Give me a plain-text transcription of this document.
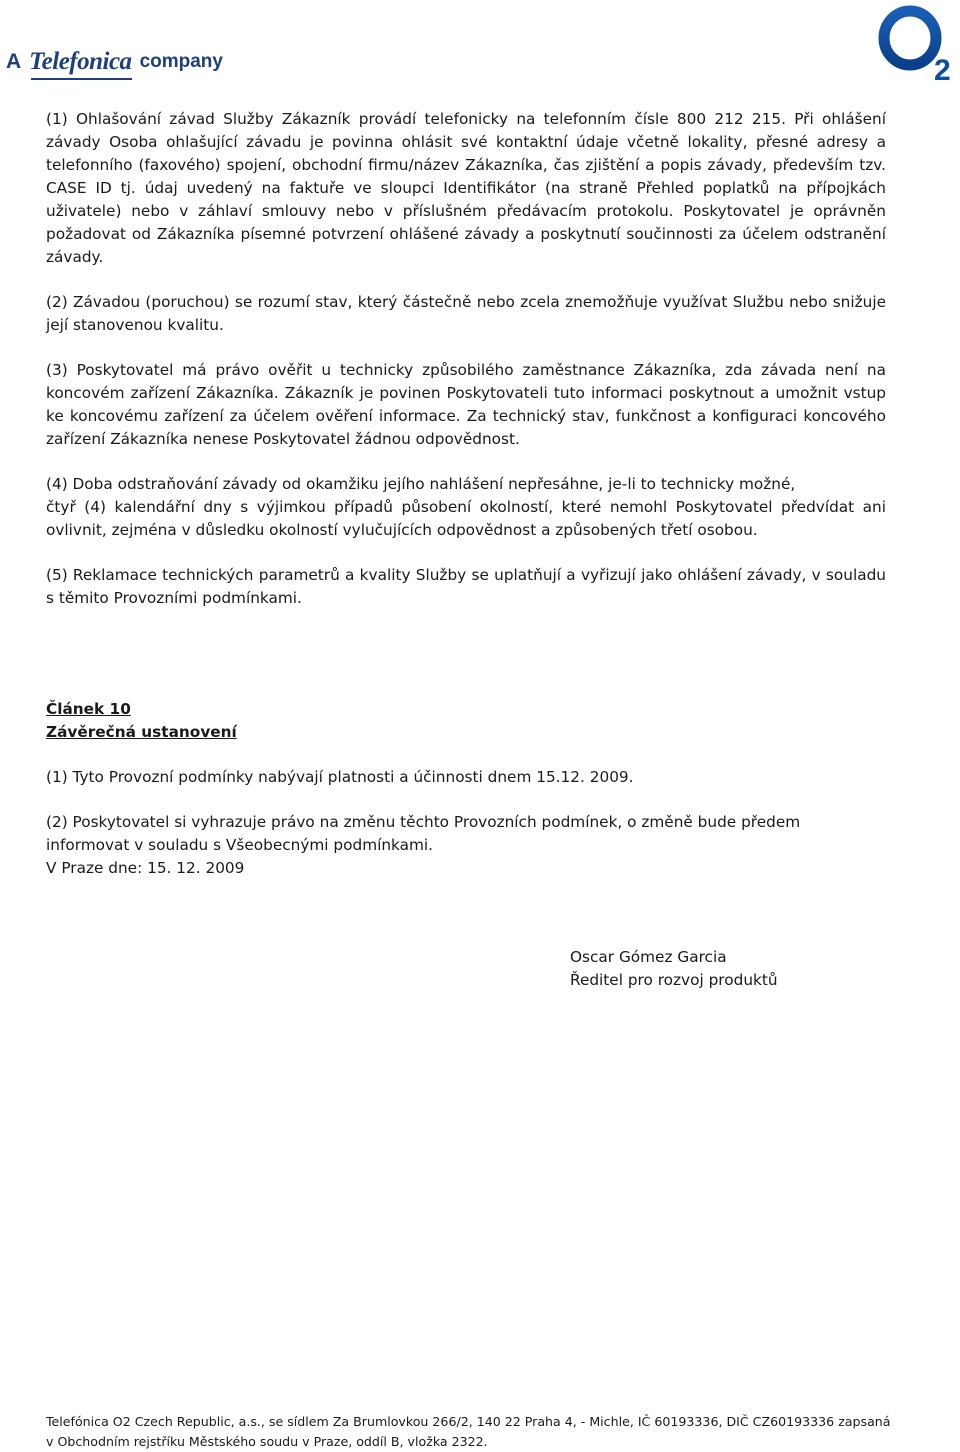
A Telefonica company	2

(1) Ohlašování závad Služby Zákazník provádí telefonicky na telefonním čísle 800 212 215. Při ohlášení závady Osoba ohlašující závadu je povinna ohlásit své kontaktní údaje včetně lokality, přesné adresy a telefonního (faxového) spojení, obchodní firmu/název Zákazníka, čas zjištění a popis závady, především tzv. CASE ID tj. údaj uvedený na faktuře ve sloupci Identifikátor (na straně Přehled poplatků na přípojkách uživatele) nebo v záhlaví smlouvy nebo v příslušném předávacím protokolu. Poskytovatel je oprávněn požadovat od Zákazníka písemné potvrzení ohlášené závady a poskytnutí součinnosti za účelem odstranění závady.

(2) Závadou (poruchou) se rozumí stav, který částečně nebo zcela znemožňuje využívat Službu nebo snižuje její stanovenou kvalitu.

(3) Poskytovatel má právo ověřit u technicky způsobilého zaměstnance Zákazníka, zda závada není na koncovém zařízení Zákazníka. Zákazník je povinen Poskytovateli tuto informaci poskytnout a umožnit vstup ke koncovému zařízení za účelem ověření informace. Za technický stav, funkčnost a konfiguraci koncového zařízení Zákazníka nenese Poskytovatel žádnou odpovědnost.

(4) Doba odstraňování závady od okamžiku jejího nahlášení nepřesáhne, je-li to technicky možné,

čtyř (4) kalendářní dny s výjimkou případů působení okolností, které nemohl Poskytovatel předvídat ani ovlivnit, zejména v důsledku okolností vylučujících odpovědnost a způsobených třetí osobou.

(5) Reklamace technických parametrů a kvality Služby se uplatňují a vyřizují jako ohlášení závady, v souladu s těmito Provozními podmínkami.

Článek 10
Závěrečná ustanovení

(1) Tyto Provozní podmínky nabývají platnosti a účinnosti dnem 15.12. 2009.

(2) Poskytovatel si vyhrazuje právo na změnu těchto Provozních podmínek, o změně bude předem informovat v souladu s Všeobecnými podmínkami.

V Praze dne: 15. 12. 2009

Oscar Gómez Garcia
Ředitel pro rozvoj produktů
Telefónica O2 Czech Republic, a.s., se sídlem Za Brumlovkou 266/2, 140 22 Praha 4, - Michle, IČ 60193336, DIČ CZ60193336 zapsaná
v Obchodním rejstříku Městského soudu v Praze, oddíl B, vložka 2322.
